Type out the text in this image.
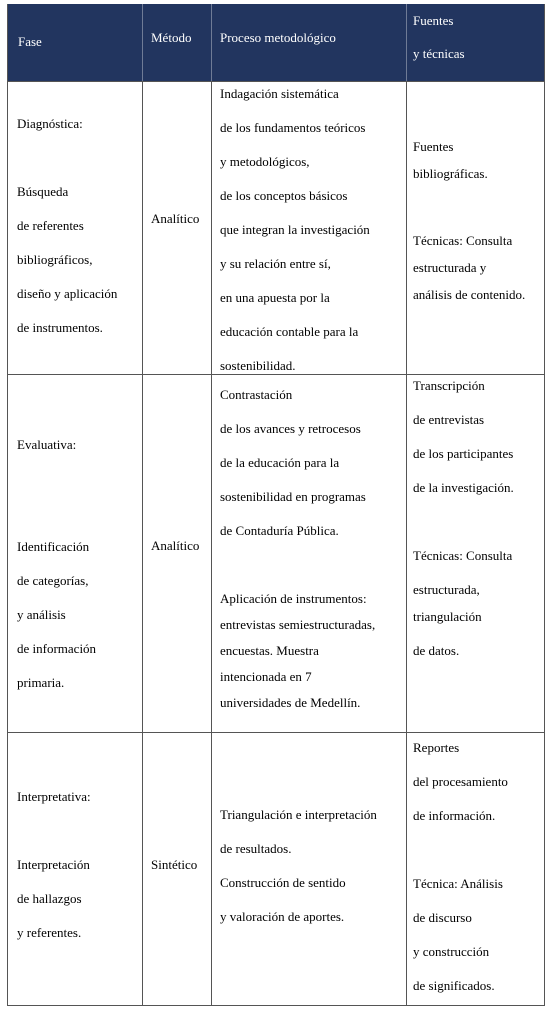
Fase	Método Proceso metodológico
Fuentes
y técnicas
Diagnóstica:
Búsqueda
de referentes
bibliográficos,
diseño y aplicación
de instrumentos.
Analítico
Indagación sistemática
de los fundamentos teóricos
y metodológicos,
de los conceptos básicos
que integran la investigación
y su relación entre sí,
en una apuesta por la
educación contable para la
sostenibilidad.
Fuentes
bibliográficas.
Técnicas: Consulta
estructurada y
análisis de contenido.
Evaluativa:
Identificación
de categorías,
y análisis
de información
primaria.
Analítico
Contrastación
de los avances y retrocesos
de la educación para la
sostenibilidad en programas
de Contaduría Pública.
Aplicación de instrumentos:
entrevistas semiestructuradas,
encuestas. Muestra
intencionada en 7
universidades de Medellín.
Transcripción
de entrevistas
de los participantes
de la investigación.
Técnicas: Consulta
estructurada,
triangulación
de datos.
Interpretativa:
Interpretación
de hallazgos
y referentes.
Sintético
Triangulación e interpretación
de resultados.
Construcción de sentido
y valoración de aportes.
Reportes
del procesamiento
de información.
Técnica: Análisis
de discurso
y construcción
de significados.
